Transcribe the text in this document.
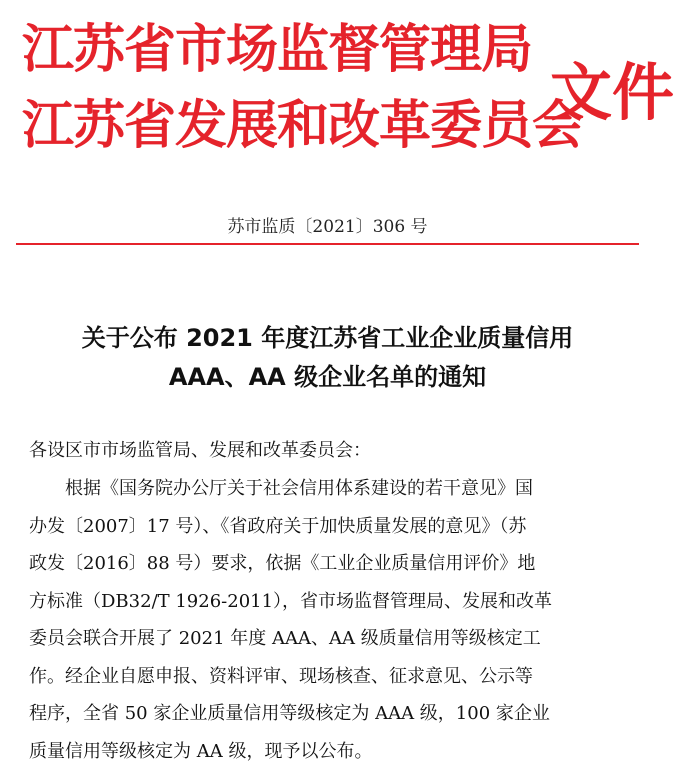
江苏省市场监督管理局
江苏省发展和改革委员会
文件
苏市监质〔2021〕306 号
关于公布 2021 年度江苏省工业企业质量信用
AAA、AA 级企业名单的通知
各设区市市场监管局、发展和改革委员会：
根据《国务院办公厅关于社会信用体系建设的若干意见》国
办发〔2007〕17 号）、《省政府关于加快质量发展的意见》（苏
政发〔2016〕88 号）要求，依据《工业企业质量信用评价》地
方标准（DB32/T 1926-2011），省市场监督管理局、发展和改革
委员会联合开展了 2021 年度 AAA、AA 级质量信用等级核定工
作。经企业自愿申报、资料评审、现场核查、征求意见、公示等
程序，全省 50 家企业质量信用等级核定为 AAA 级，100 家企业
质量信用等级核定为 AA 级，现予以公布。
